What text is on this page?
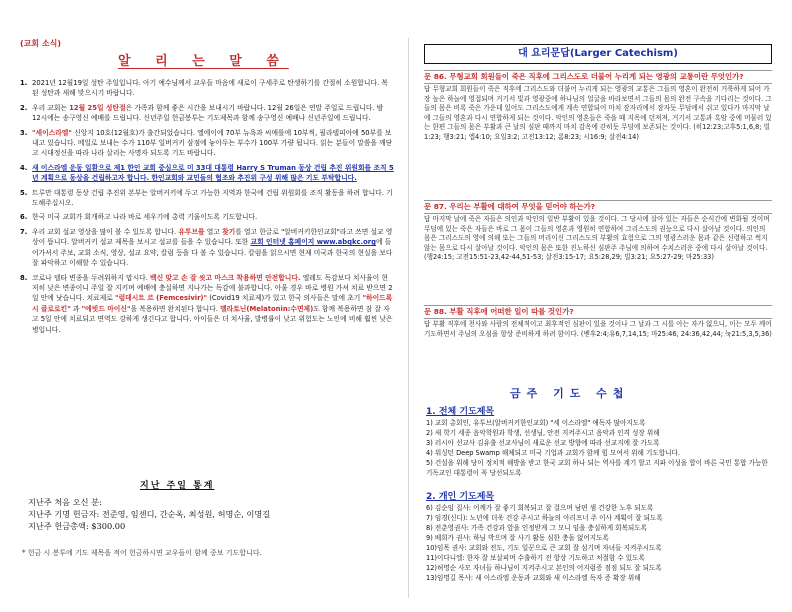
(교회 소식)
알 리 는 말 씀
1. 2021년 12월19일 성탄 주일입니다. 아기 예수님께서 교우들 마음에 새로이 구세주로 탄생하기를 간절히 소원합니다. 복된 성탄과 새해 맞으시기 바랍니다.
2. 우리 교회는 12월 25일 성탄절은 가족과 함께 좋은 시간을 보내시기 바랍니다. 12월 26일은 연말 주일로 드립니다. 밤 12시에는 송구영신 예배를 드립니다. 신년주일 헌금봉투는 기도제목과 함께 송구영신 예배나 신년주일에 드립니다.
3. "세이스라엘" 신앙지 10호(12월호)가 출간되었습니다. 엘에이에 70부 뉴욕과 씨애틀에 10부씩, 필라델피아에 50부를 보내고 있습니다. 메일로 보내는 수가 110부 일버커키 삼점에 놓아두는 부수가 100부 가량 됩니다. 읽는 분들이 말씀을 깨닫고 시대정신을 따라 나라 살리는 사명자 되도록 기도 바랍니다.
4. 새 이스라엘 운동 일환으로 제1 한인 교회 중심으로 미 33대 대통령 Harry S Truman 동상 건립 추진 위원회를 조직 5년 계획으로 동상을 건립하고자 합니다. 한인교회와 교민들의 협조와 추진위 구성 위해 많은 기도 부탁합니다.
5. 트루만 대통령 동상 건립 추진위 본부는 알버커키에 두고 가능한 지역과 한국에 건립 위원회를 조직 활동을 하려 합니다. 기도해주십시오.
6. 한국 미국 교회가 회개하고 나라 바로 세우기에 총력 기울이도록 기도합니다.
7. 우리 교회 설교 영상을 많이 볼 수 있도록 합니다. 유투브를 열고 찾기를 열고 한글로 "알버커키한인교회"라고 쓰면 설교 영상이 뜹니다. 알버커키 설교 제목을 보시고 설교를 들을 수 있습니다. 또한 교회 인터넷 홈페이지 www.abqkc.org에 들어가셔서 주보, 교회 소식, 영상, 설교 요약, 칼럼 등을 다 볼 수 있습니다. 칼럼을 읽으시면 현재 미국과 한국의 현실을 보다 잘 파악하고 이해할 수 있습니다.
8. 코로나 델타 변종을 두려워하지 맙시다. 백신 맞고 손 잘 씻고 마스크 착용하면 안전합니다. 엘레도 독감보다 치사율이 현저히 낮은 변종이니 주일 잘 지키며 예배에 충실하면 지나가는 독감에 불과합니다. 아울 경우 바로 병원 가셔 치료 받으면 2일 안에 낫습니다. 치료제로 "럼데시트 르 (Femcesivir)" (Covid19 치료제)가 있고 한국 의사들은 말에 초기 "하이드록시 클로로킨" 과 "에빗드 마이신"을 복용하면 완치된다 합니다. 멜라토닌(Melatonin:수면제)도 함께 복용하면 잠 잘 자고 5일 안에 치료되고 면역도 강하게 생긴다고 합니다. 아이들은 더 치사율, 발병률이 낮고 위험도는 노인에 비해 훨씬 낮은 병입니다.
지난 주일 통계
지난주 처음 오신 분:
지난주 기명 헌금자: 전준영, 임센디, 간순옥, 최성원, 허명순, 이명길
지난주 헌금총액: $300.00
* 헌금 시 봉투에 기도 제목을 적어 헌금하시면 교우들이 함께 중보 기도합니다.
대 요리문답(Larger Catechism)
문 86. 무형교회 회원들이 죽은 직후에 그리스도로 더불어 누리게 되는 영광의 교통이란 무엇인가?
답 무형교회 회원들이 죽은 직후에 그리스도와 더불어 누리게 되는 영광의 교통은 그들의 영혼이 완전히 거룩하게 되어 가장 높은 하늘에 영접되며 거기서 빛과 영광중에 하나님의 얼굴을 바라보면서 그들의 몸의 완전 구속을 기다리는 것이다. 그들의 몸은 비록 죽은 가운데 있어도 그리스도에게 계속 연합되어 마치 잠자리에서 잠자듯 무덤에서 쉬고 있다가 마지막 날에 그들의 영혼과 다시 연합하게 되는 것이다. 악인의 영혼들은 죽을 때 지옥에 던져져, 거기서 고통과 흑암 중에 머물러 있는 한편 그들의 몸은 부활과 큰 날의 심판 때까지 마치 감옥에 갇히듯 무덤에 보존되는 것이다. (히12:23;고후5:1,6,8; 빌1:23; 행3:21; 엡4:10; 요일3:2; 고전13:12; 롬8:23; 시16:9; 살전4:14)
문 87. 우리는 부활에 대하여 무엇을 믿어야 하는가?
답 마지막 날에 죽은 자들은 의인과 악인의 일반 부활이 있을 것이다. 그 당시에 살아 있는 자들은 순식간에 변화될 것이며 무덤에 있는 죽은 자들은 바로 그 몸이 그들의 영혼과 영원히 연합하여 그리스도의 권능으로 다시 살아날 것이다. 의인의 몸은 그리스도의 영에 의해 또는 그들의 머리이신 그리스도의 부활의 효험으로 그의 영광스러운 몸과 같은 신령하고 썩지 않는 몸으로 다시 살아날 것이다. 악인의 몸은 또한 진노하신 심판주 주님에 의하여 수치스러운 중에 다시 살아날 것이다. (행24:15; 고전15:51-23,42-44,51-53; 살전3:15-17; 요5:28,29; 빌3:21; 요5:27-29; 마25:33)
문 88. 부활 직후에 어떠한 일이 따를 것인가?
답 부활 직후에 천사와 사람의 전체적이고 최후적인 심판이 있을 것이나 그 날과 그 시를 아는 자가 없으니, 이는 모두 깨어 기도하면서 주님의 오심을 항상 준비하게 하려 함이다. (벧후2:4;유6,7,14,15; 마25:46, 24:36,42,44; 눅21:5,3,5,36)
금주 기도 수첩
1. 전체 기도제목
1) 교회 총회인, 유투브(알버커키한인교회) "세 이스라엘" 애독자 많아지도록
2) 새 학기 세종 음악학원과 학생, 선생님, 안전 지켜주시고 음악과 인격 성장 위해
3) 러시아 선교사 김유출 선교사님이 새로운 선교 방향에 따라 선교지에 잘 가도록
4) 워싱턴 Deep Swamp 해체되고 미국 기업과 교회가 함께 힘 모여서 위해 기도합니다.
5) 건설을 위해 당이 정치적 해방을 받고 한국 교회 하나 되는 역사를 계기 할고 지파 이성을 합이 바른 국민 통합 가능한 기독교인 대통령이 꼭 당선되도록
2. 개인 기도제목
6) 김순임 집사: 어깨가 잘 좋기 회복되고 잘 걸으며 남편 샘 건강한 노후 되도록
7) 임경(신디): 노년에 더욱 건강 주시고 하늘의 아리프너 주 이사 계획이 잘 되도록
8) 전춘영권사: 가족 건강과 앞을 인정받게 그 모니 임을 충실하게 회복되도록
9) 베희가 권사: 하님 박으며 잘 사기 활동 심한 충돌 없어지도록
10)임목 권사: 교회와 전도, 기도 일꾼으로 큰 교회 잘 섬기며 자녀들 지켜주시도록
11)이다니엘: 한자 잘 보살피며 수출하기 전 항상 기도하고 처절함 수 있도록
12)허명순 사모 자녀들 하나님이 지켜주시고 본인의 어지럼증 점점 되도 잘 되도록
13)임명길 목사: 새 이스라엘 운동과 교회와 새 이스라엘 독자 증 확장 위해
